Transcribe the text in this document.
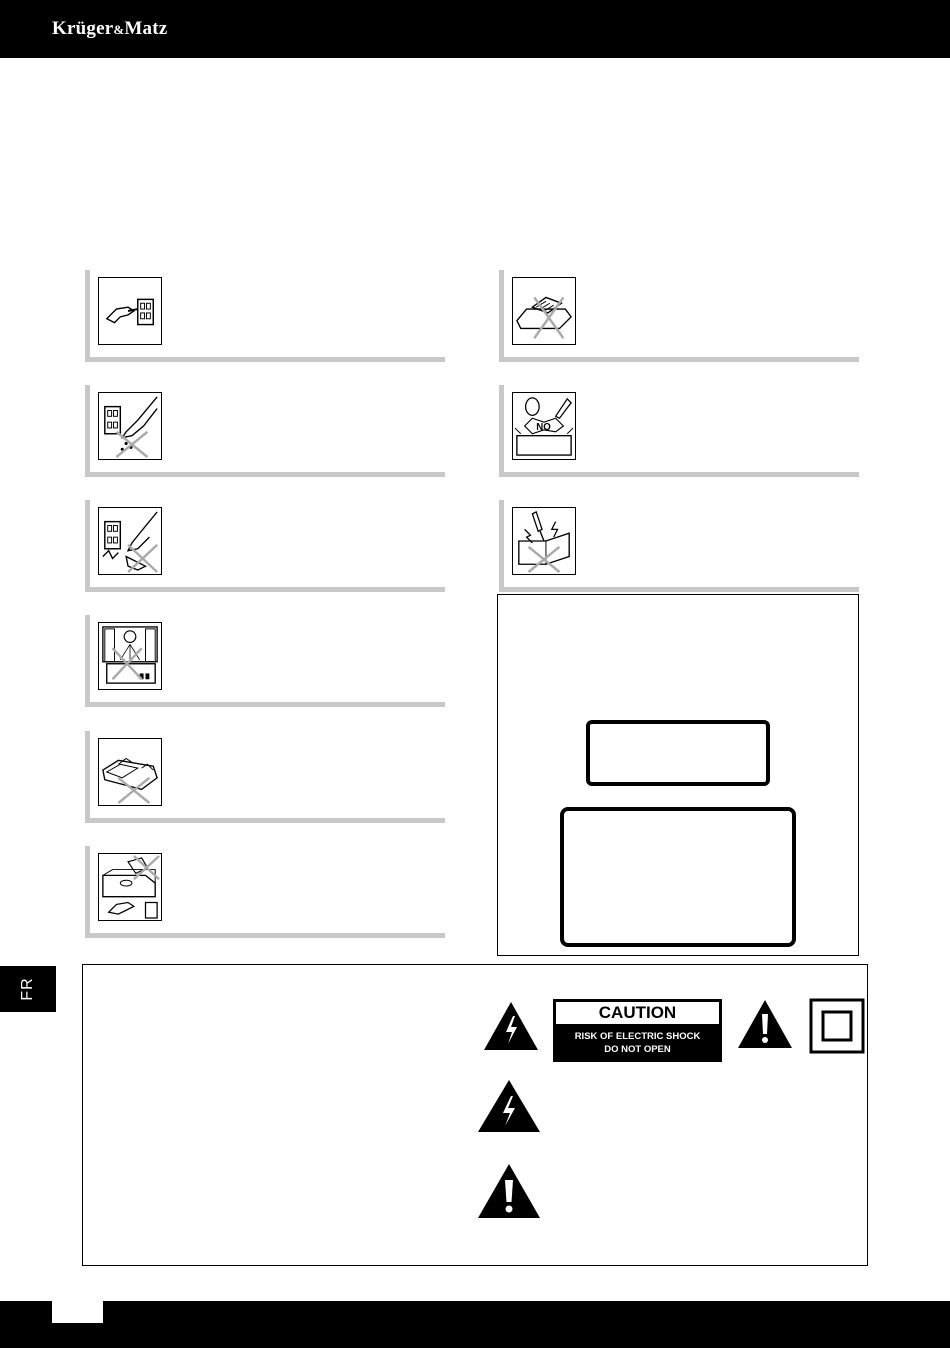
Krüger&Matz
NO
FR
CAUTION
RISK OF ELECTRIC SHOCK
DO NOT OPEN
